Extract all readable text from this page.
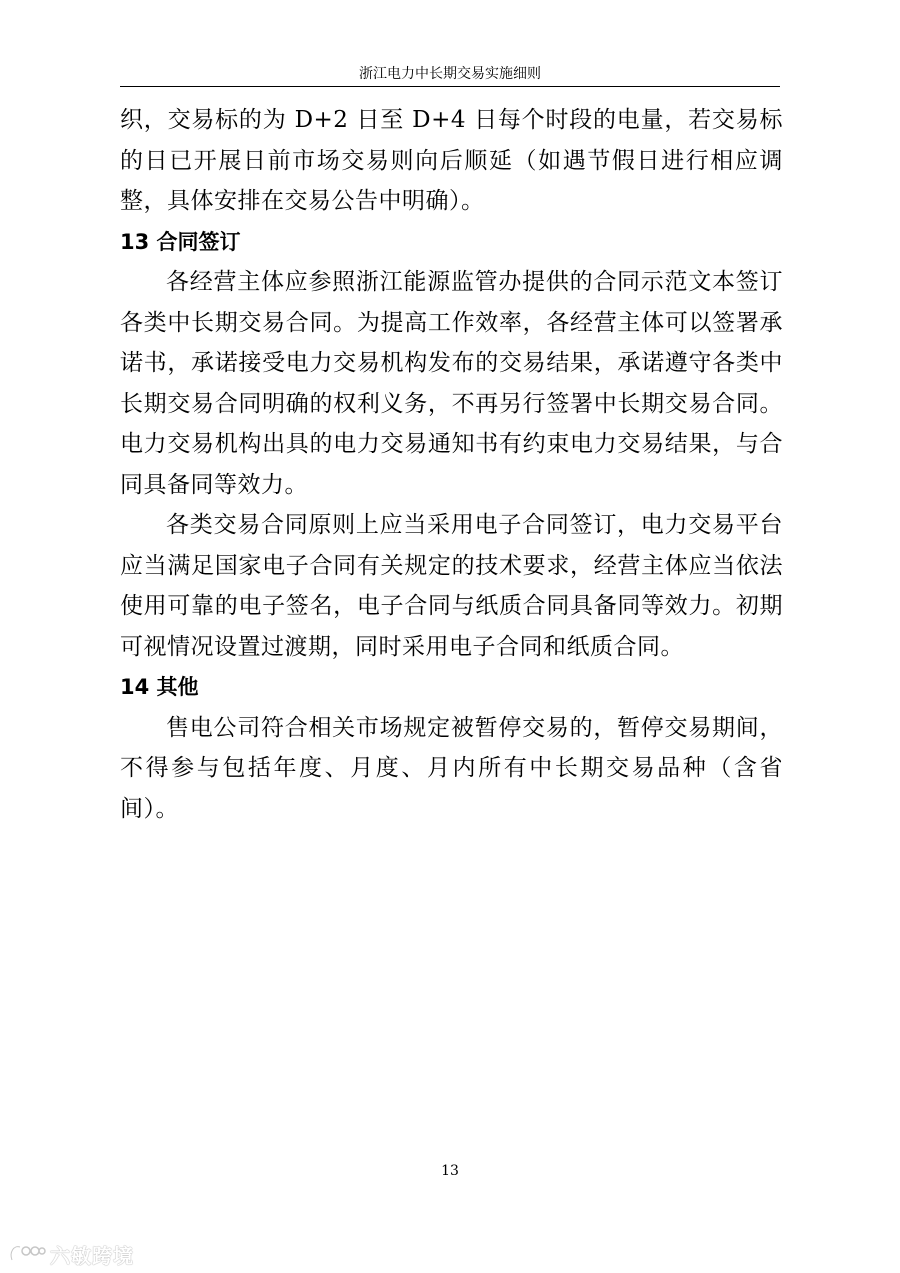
浙江电力中长期交易实施细则

织，交易标的为 D+2 日至 D+4 日每个时段的电量，若交易标的日已开展日前市场交易则向后顺延（如遇节假日进行相应调整，具体安排在交易公告中明确）。

13 合同签订

各经营主体应参照浙江能源监管办提供的合同示范文本签订各类中长期交易合同。为提高工作效率，各经营主体可以签署承诺书，承诺接受电力交易机构发布的交易结果，承诺遵守各类中长期交易合同明确的权利义务，不再另行签署中长期交易合同。电力交易机构出具的电力交易通知书有约束电力交易结果，与合同具备同等效力。

各类交易合同原则上应当采用电子合同签订，电力交易平台应当满足国家电子合同有关规定的技术要求，经营主体应当依法使用可靠的电子签名，电子合同与纸质合同具备同等效力。初期可视情况设置过渡期，同时采用电子合同和纸质合同。

14 其他

售电公司符合相关市场规定被暂停交易的，暂停交易期间，不得参与包括年度、月度、月内所有中长期交易品种（含省间）。

13
六敏跨境
